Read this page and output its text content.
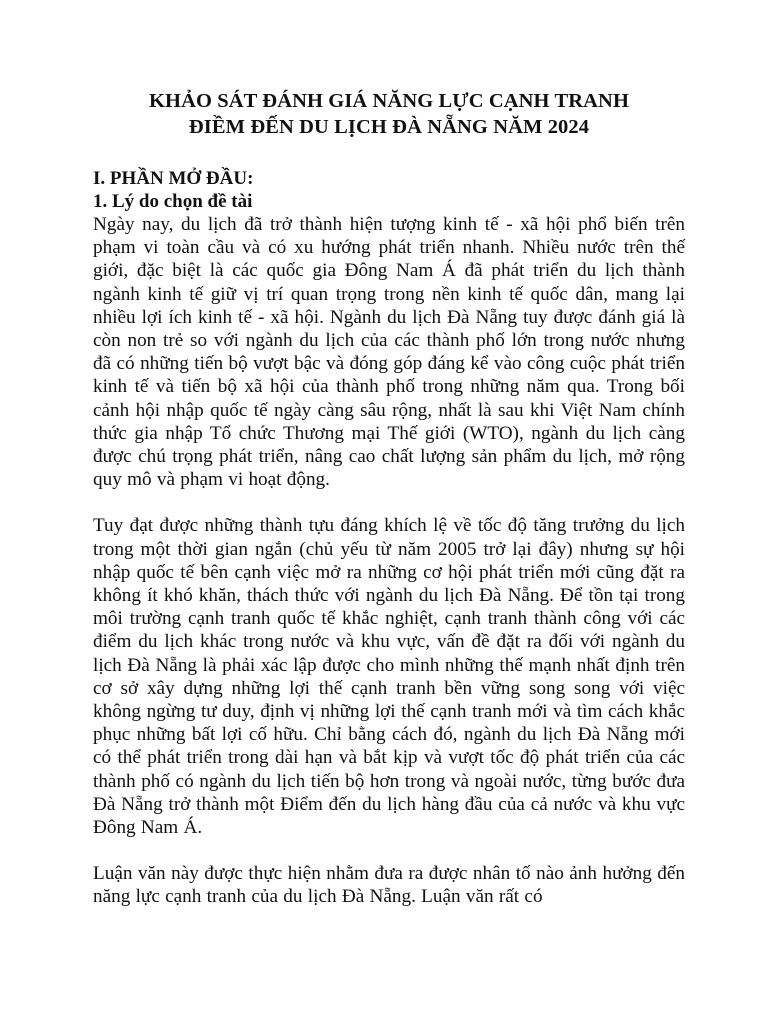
KHẢO SÁT ĐÁNH GIÁ NĂNG LỰC CẠNH TRANH
ĐIỀM ĐẾN DU LỊCH ĐÀ NẴNG NĂM 2024
I. PHẦN MỞ ĐẦU:
1. Lý do chọn đề tài

Ngày nay, du lịch đã trở thành hiện tượng kinh tế - xã hội phổ biến trên phạm vi toàn cầu và có xu hướng phát triển nhanh. Nhiều nước trên thế giới, đặc biệt là các quốc gia Đông Nam Á đã phát triển du lịch thành ngành kinh tế giữ vị trí quan trọng trong nền kinh tế quốc dân, mang lại nhiều lợi ích kinh tế - xã hội. Ngành du lịch Đà Nẵng tuy được đánh giá là còn non trẻ so với ngành du lịch của các thành phố lớn trong nước nhưng đã có những tiến bộ vượt bậc và đóng góp đáng kể vào công cuộc phát triển kinh tế và tiến bộ xã hội của thành phố trong những năm qua. Trong bối cảnh hội nhập quốc tế ngày càng sâu rộng, nhất là sau khi Việt Nam chính thức gia nhập Tổ chức Thương mại Thế giới (WTO), ngành du lịch càng được chú trọng phát triển, nâng cao chất lượng sản phẩm du lịch, mở rộng quy mô và phạm vi hoạt động.

Tuy đạt được những thành tựu đáng khích lệ về tốc độ tăng trưởng du lịch trong một thời gian ngắn (chủ yếu từ năm 2005 trở lại đây) nhưng sự hội nhập quốc tế bên cạnh việc mở ra những cơ hội phát triển mới cũng đặt ra không ít khó khăn, thách thức với ngành du lịch Đà Nẵng. Để tồn tại trong môi trường cạnh tranh quốc tế khắc nghiệt, cạnh tranh thành công với các điểm du lịch khác trong nước và khu vực, vấn đề đặt ra đối với ngành du lịch Đà Nẵng là phải xác lập được cho mình những thế mạnh nhất định trên cơ sở xây dựng những lợi thế cạnh tranh bền vững song song với việc không ngừng tư duy, định vị những lợi thế cạnh tranh mới và tìm cách khắc phục những bất lợi cố hữu. Chỉ bằng cách đó, ngành du lịch Đà Nẵng mới có thể phát triển trong dài hạn và bắt kịp và vượt tốc độ phát triển của các thành phố có ngành du lịch tiến bộ hơn trong và ngoài nước, từng bước đưa Đà Nẵng trở thành một Điểm đến du lịch hàng đầu của cả nước và khu vực Đông Nam Á.

Luận văn này được thực hiện nhằm đưa ra được nhân tố nào ảnh hưởng đến năng lực cạnh tranh của du lịch Đà Nẵng. Luận văn rất có
